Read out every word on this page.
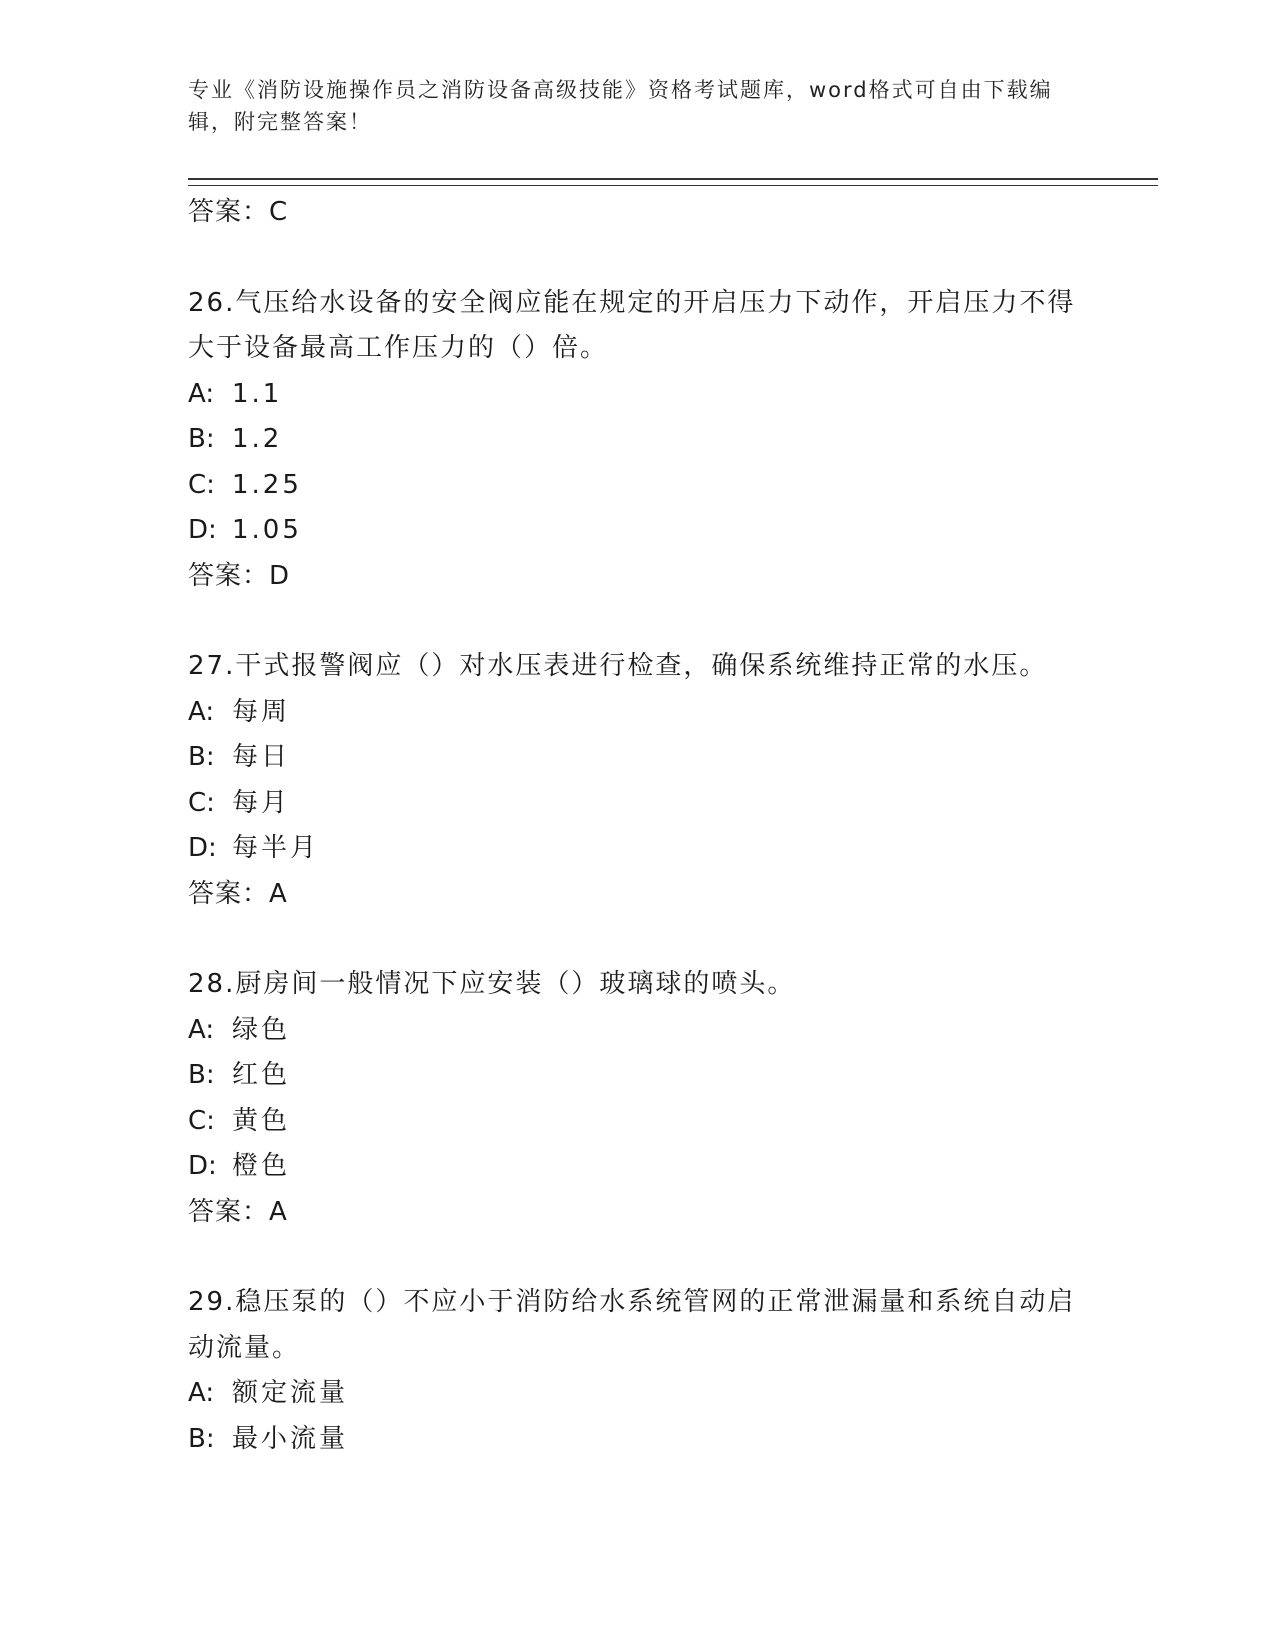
专业《消防设施操作员之消防设备高级技能》资格考试题库，word格式可自由下载编辑，附完整答案！
答案：C
26.气压给水设备的安全阀应能在规定的开启压力下动作，开启压力不得大于设备最高工作压力的（）倍。
A: 1.1
B: 1.2
C: 1.25
D: 1.05
答案：D
27.干式报警阀应（）对水压表进行检查，确保系统维持正常的水压。
A: 每周
B: 每日
C: 每月
D: 每半月
答案：A
28.厨房间一般情况下应安装（）玻璃球的喷头。
A: 绿色
B: 红色
C: 黄色
D: 橙色
答案：A
29.稳压泵的（）不应小于消防给水系统管网的正常泄漏量和系统自动启动流量。
A: 额定流量
B: 最小流量
